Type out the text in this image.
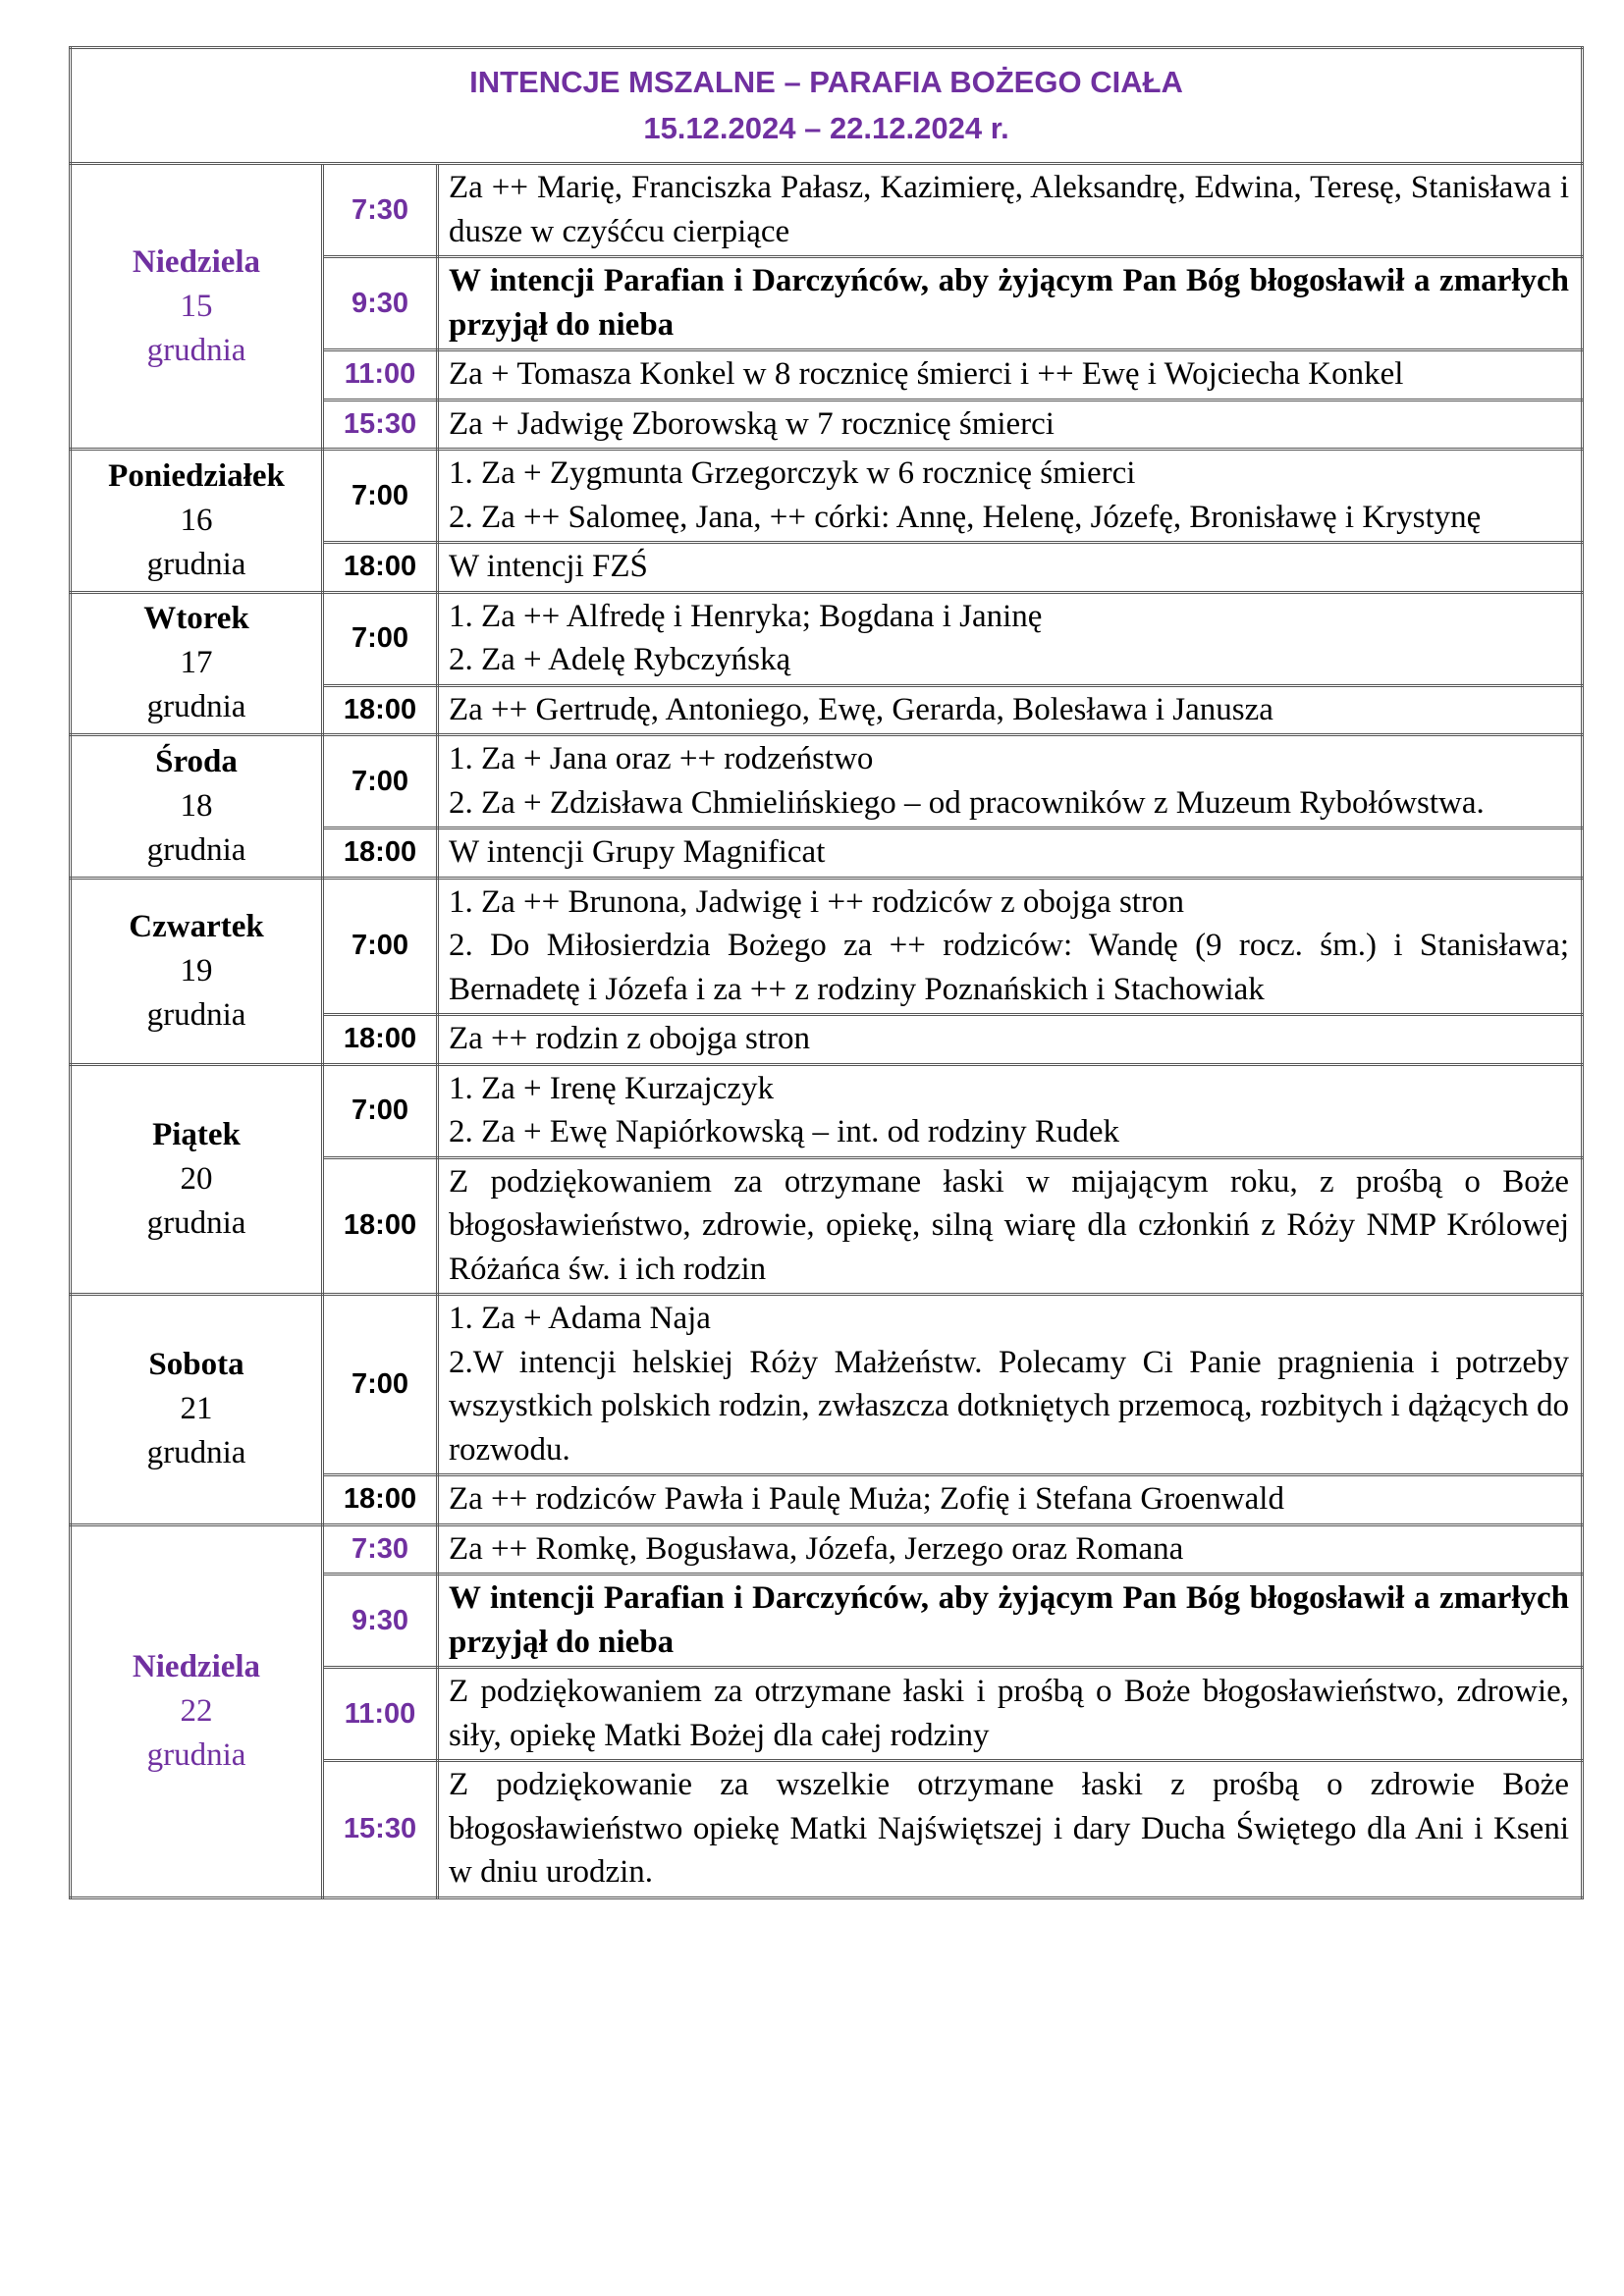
INTENCJE MSZALNE – PARAFIA BOŻEGO CIAŁA
15.12.2024 – 22.12.2024 r.		

Niedziela
15
grudnia	7:30	Za ++ Marię, Franciszka Pałasz, Kazimierę, Aleksandrę, Edwina, Teresę, Stanisława i dusze w czyśćcu cierpiące

	9:30	W intencji Parafian i Darczyńców, aby żyjącym Pan Bóg błogosławił a zmarłych przyjął do nieba

	11:00	Za + Tomasza Konkel w 8 rocznicę śmierci i ++ Ewę i Wojciecha Konkel

	15:30	Za + Jadwigę Zborowską w 7 rocznicę śmierci

Poniedziałek
16
grudnia	7:00	1. Za + Zygmunta Grzegorczyk w 6 rocznicę śmierci
2. Za ++ Salomeę, Jana, ++ córki: Annę, Helenę, Józefę, Bronisławę i Krystynę

	18:00	W intencji FZŚ

Wtorek
17
grudnia	7:00	1. Za ++ Alfredę i Henryka; Bogdana i Janinę
2. Za + Adelę Rybczyńską

	18:00	Za ++ Gertrudę, Antoniego, Ewę, Gerarda, Bolesława i Janusza

Środa
18
grudnia	7:00	1. Za + Jana oraz ++ rodzeństwo
2. Za + Zdzisława Chmielińskiego – od pracowników z Muzeum Rybołówstwa.

	18:00	W intencji Grupy Magnificat

Czwartek
19
grudnia	7:00	1. Za ++ Brunona, Jadwigę i ++ rodziców z obojga stron
2. Do Miłosierdzia Bożego za ++ rodziców: Wandę (9 rocz. śm.) i Stanisława; Bernadetę i Józefa i za ++ z rodziny Poznańskich i Stachowiak

	18:00	Za ++ rodzin z obojga stron

Piątek
20
grudnia	7:00	1. Za + Irenę Kurzajczyk
2. Za + Ewę Napiórkowską – int. od rodziny Rudek

	18:00	Z podziękowaniem za otrzymane łaski w mijającym roku, z prośbą o Boże błogosławieństwo, zdrowie, opiekę, silną wiarę dla członkiń z Róży NMP Królowej Różańca św. i ich rodzin

Sobota
21
grudnia	7:00	1. Za + Adama Naja
2.W intencji helskiej Róży Małżeństw. Polecamy Ci Panie pragnienia i potrzeby wszystkich polskich rodzin, zwłaszcza dotkniętych przemocą, rozbitych i dążących do rozwodu.

	18:00	Za ++ rodziców Pawła i Paulę Muża; Zofię i Stefana Groenwald

Niedziela
22
grudnia	7:30	Za ++ Romkę, Bogusława, Józefa, Jerzego oraz Romana

	9:30	W intencji Parafian i Darczyńców, aby żyjącym Pan Bóg błogosławił a zmarłych przyjął do nieba

	11:00	Z podziękowaniem za otrzymane łaski i prośbą o Boże błogosławieństwo, zdrowie, siły, opiekę Matki Bożej dla całej rodziny

	15:30	Z podziękowanie za wszelkie otrzymane łaski z prośbą o zdrowie Boże błogosławieństwo opiekę Matki Najświętszej i dary Ducha Świętego dla Ani i Kseni w dniu urodzin.
